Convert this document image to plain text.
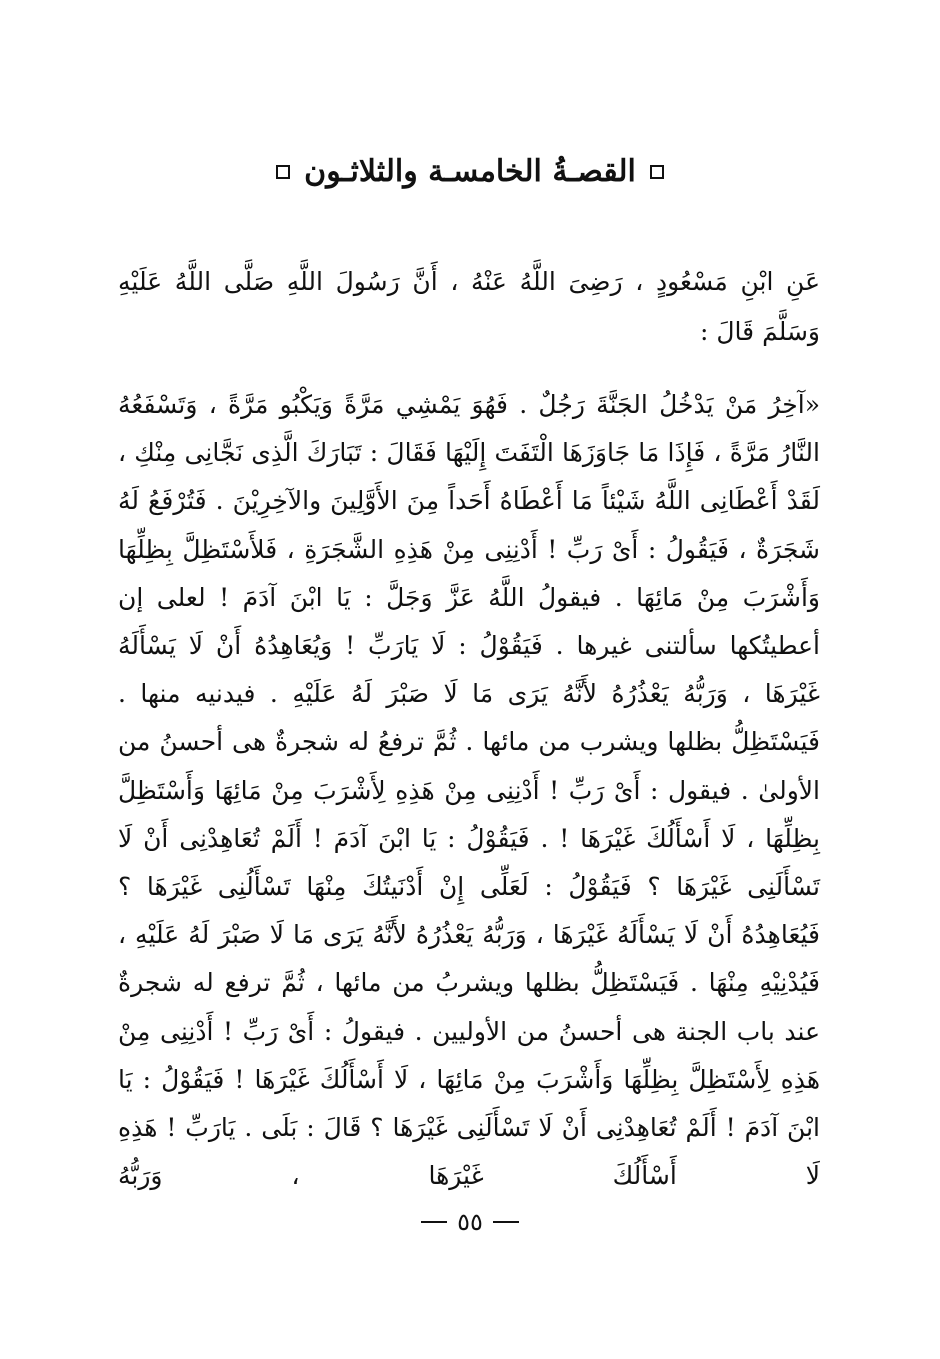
القصـةُ الخامسـة والثلاثـون

عَنِ ابْنِ مَسْعُودٍ ، رَضِىَ اللَّهُ عَنْهُ ، أَنَّ رَسُولَ اللَّهِ صَلَّى اللَّهُ عَلَيْهِ وَسَلَّمَ قَالَ :

«آخِرُ مَنْ يَدْخُلُ الجَنَّةَ رَجُلٌ . فَهُوَ يَمْشِي مَرَّةً وَيَكْبُو مَرَّةً ، وَتَسْفَعُهُ النَّارُ مَرَّةً ، فَإِذَا مَا جَاوَزَهَا الْتَفَتَ إِلَيْهَا فَقَالَ : تَبَارَكَ الَّذِى نَجَّانِى مِنْكِ ، لَقَدْ أَعْطَانِى اللَّهُ شَيْئاً مَا أَعْطَاهُ أَحَداً مِنَ الأَوَّلِينَ والآخِرِيْنَ . فَتُرْفَعُ لَهُ شَجَرَةٌ ، فَيَقُولُ : أَىْ رَبِّ ! أَدْنِنِى مِنْ هَذِهِ الشَّجَرَةِ ، فَلأَسْتَظِلَّ بِظِلِّهَا وَأَشْرَبَ مِنْ مَائِهَا . فيقولُ اللَّهُ عَزَّ وَجَلَّ : يَا ابْنَ آدَمَ ! لعلى إن أعطيتُكها سألتنى غيرها . فَيَقُوْلُ : لَا يَارَبِّ ! وَيُعَاهِدُهُ أَنْ لَا يَسْأَلَهُ غَيْرَهَا ، وَرَبُّهُ يَعْذُرُهُ لأَنَّهُ يَرَى مَا لَا صَبْرَ لَهُ عَلَيْهِ . فيدنيه منها . فَيَسْتَظِلُّ بظلها ويشرب من مائها . ثُمَّ ترفعُ له شجرةٌ هى أحسنُ من الأولىٰ . فيقول : أَىْ رَبِّ ! أَدْنِنِى مِنْ هَذِهِ لِأَشْرَبَ مِنْ مَائِهَا وَأَسْتَظِلَّ بِظِلِّهَا ، لَا أَسْأَلُكَ غَيْرَهَا ! . فَيَقُوْلُ : يَا ابْنَ آدَمَ ! أَلَمْ تُعَاهِدْنِى أَنْ لَا تَسْأَلَنِى غَيْرَهَا ؟ فَيَقُوْلُ : لَعَلِّى إِنْ أَدْنَيتُكَ مِنْهَا تَسْأَلُنِى غَيْرَهَا ؟ فَيُعَاهِدُهُ أَنْ لَا يَسْأَلَهُ غَيْرَهَا ، وَرَبُّهُ يَعْذُرُهُ لأَنَّهُ يَرَى مَا لَا صَبْرَ لَهُ عَلَيْهِ ، فَيُدْنِيْهِ مِنْهَا . فَيَسْتَظِلُّ بظلها ويشربُ من مائها ، ثُمَّ ترفع له شجرةٌ عند باب الجنة هى أحسنُ من الأوليين . فيقولُ : أَىْ رَبِّ ! أَدْنِنِى مِنْ هَذِهِ لِأَسْتَظِلَّ بِظِلِّهَا وَأَشْرَبَ مِنْ مَائِهَا ، لَا أَسْأَلُكَ غَيْرَهَا ! فَيَقُوْلُ : يَا ابْنَ آدَمَ ! أَلَمْ تُعَاهِدْنِى أَنْ لَا تَسْأَلَنِى غَيْرَهَا ؟ قَالَ : بَلَى . يَارَبِّ ! هَذِهِ لَا أَسْأَلُكَ غَيْرَهَا ، وَرَبُّهُ

٥٥
